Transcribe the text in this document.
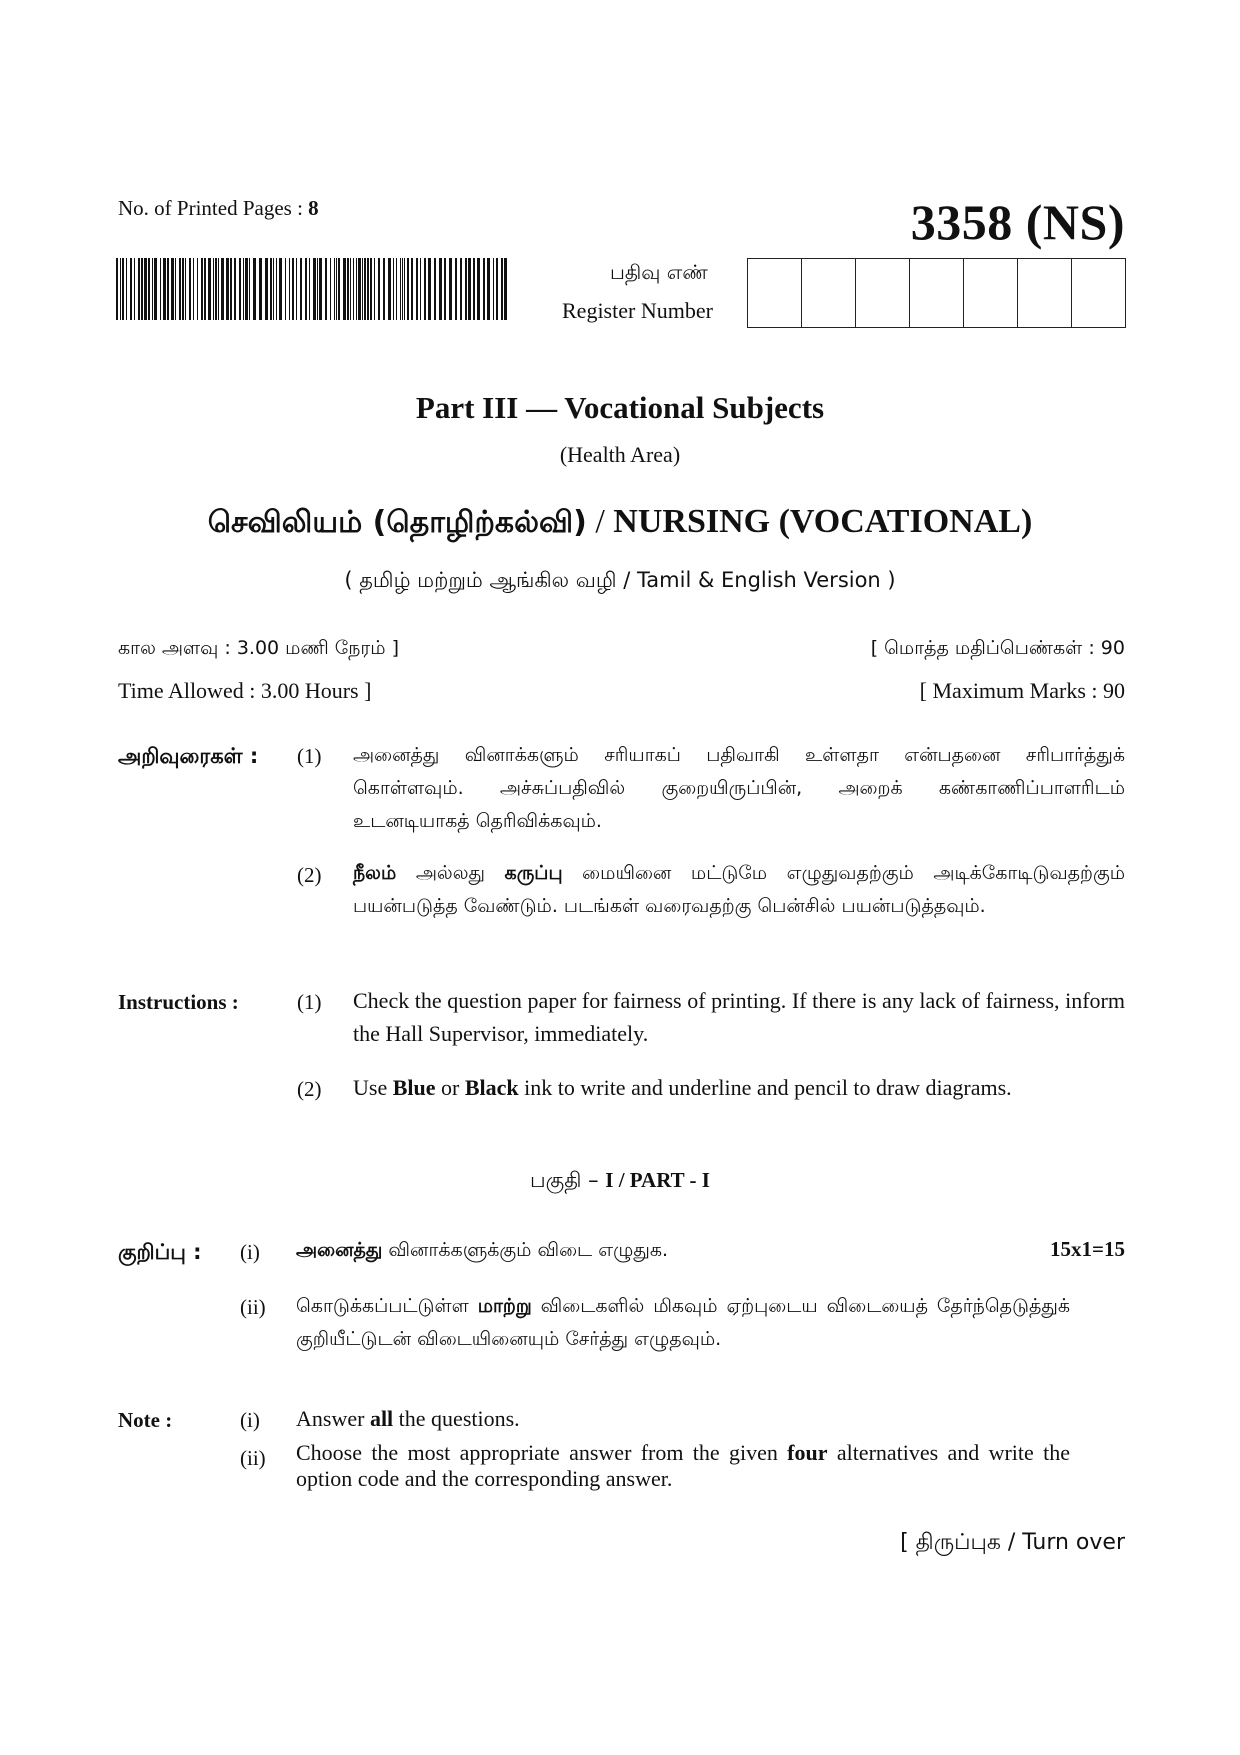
No. of Printed Pages : 8	3358 (NS)
பதிவு எண்
Register Number
Part III — Vocational Subjects
(Health Area)
செவிலியம் (தொழிற்கல்வி) / NURSING (VOCATIONAL)
( தமிழ் மற்றும் ஆங்கில வழி / Tamil & English Version )
கால அளவு : 3.00 மணி நேரம் ]
Time Allowed : 3.00 Hours ]
[ மொத்த மதிப்பெண்கள் : 90
[ Maximum Marks : 90
அறிவுரைகள் : (1) அனைத்து வினாக்களும் சரியாகப் பதிவாகி உள்ளதா என்பதனை சரிபார்த்துக் கொள்ளவும். அச்சுப்பதிவில் குறையிருப்பின், அறைக் கண்காணிப்பாளரிடம் உடனடியாகத் தெரிவிக்கவும்.
(2) நீலம் அல்லது கருப்பு மையினை மட்டுமே எழுதுவதற்கும் அடிக்கோடிடுவதற்கும் பயன்படுத்த வேண்டும். படங்கள் வரைவதற்கு பென்சில் பயன்படுத்தவும்.
Instructions :	(1) Check the question paper for fairness of printing. If there is any lack of fairness, inform the Hall Supervisor, immediately.
(2) Use Blue or Black ink to write and underline and pencil to draw diagrams.
பகுதி – I / PART - I
குறிப்பு : (i) அனைத்து வினாக்களுக்கும் விடை எழுதுக.	15x1=15
(ii) கொடுக்கப்பட்டுள்ள மாற்று விடைகளில் மிகவும் ஏற்புடைய விடையைத் தேர்ந்தெடுத்துக் குறியீட்டுடன் விடையினையும் சேர்த்து எழுதவும்.
Note :	(i) Answer all the questions.
(ii) Choose the most appropriate answer from the given four alternatives and write the option code and the corresponding answer.
[ திருப்புக / Turn over
